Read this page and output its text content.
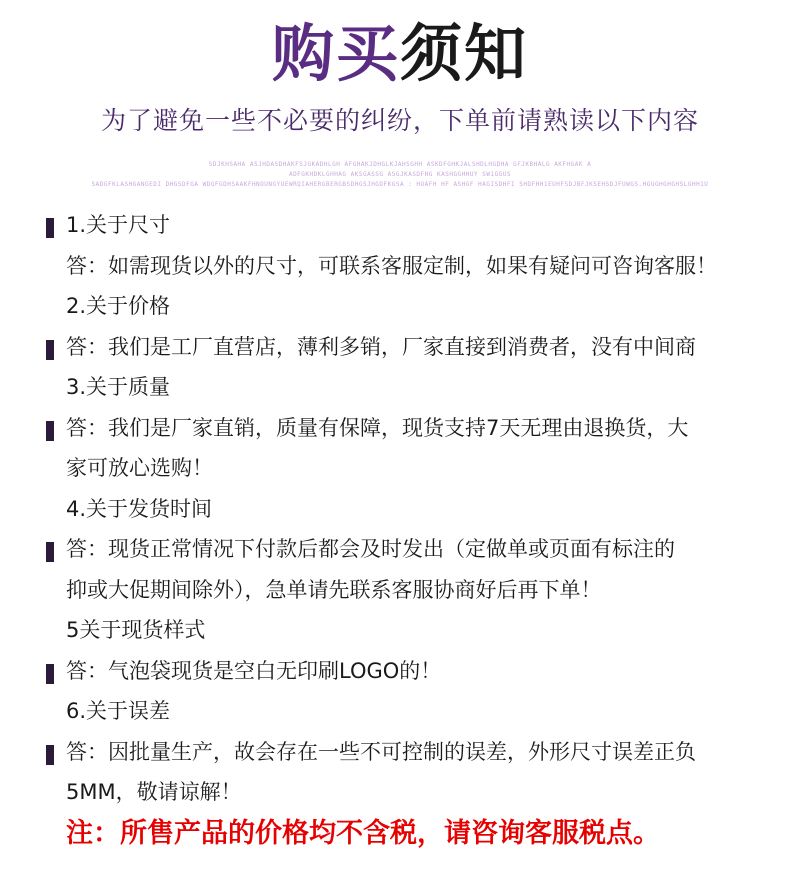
购买须知
为了避免一些不必要的纠纷，下单前请熟读以下内容
SDJKHSAHA ASJHDASDHAKFSJGKADHLGH AFGHAKJDHGLKJAHSGHH ASKDFGHKJALSHDLHGDHA GFJKBHALG AKFHGAK A
ADFGKHDKLGHHAG AKSGASSG ASGJKASDFHG KASHGGHHUY SW1GGUS
SADGFKLASHGANGEDI DHGSDFGA WDGFGDHSAAKFHNOUNGYUEWRQIAHERGBERGBSDHGSJHGDFKGSA : HOAFH HF ASHGF HAGISDHFI SHDFHH1EUHFSDJBFJKSEHSDJFUWGS.HGUGHGHGHSLGHH1U
1.关于尺寸
答：如需现货以外的尺寸，可联系客服定制，如果有疑问可咨询客服！
2.关于价格
答：我们是工厂直营店，薄利多销，厂家直接到消费者，没有中间商
3.关于质量
答：我们是厂家直销，质量有保障，现货支持7天无理由退换货，大
家可放心选购！
4.关于发货时间
答：现货正常情况下付款后都会及时发出（定做单或页面有标注的
抑或大促期间除外），急单请先联系客服协商好后再下单！
5关于现货样式
答：气泡袋现货是空白无印刷LOGO的！
6.关于误差
答：因批量生产，故会存在一些不可控制的误差，外形尺寸误差正负
5MM，敬请谅解！
注：所售产品的价格均不含税，请咨询客服税点。
